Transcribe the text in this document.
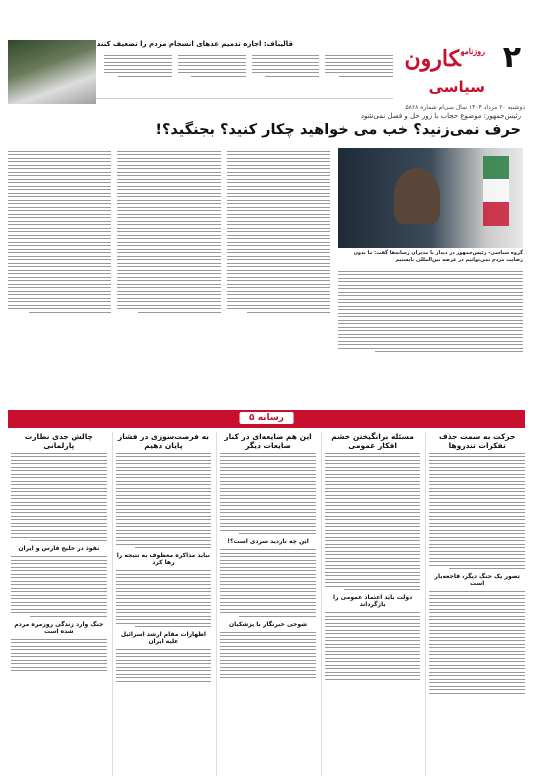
۲
$^{روزنامه}$کارون
سیاسی
دوشنبه ۲۰ مرداد ۱۴۰۴ سال سی‌ام شماره ۵۸۶۸
قالیباف: اجازه تدمیم عدهای انسجام مردم را تضعیف کنند
رئیس‌جمهور: موضوع حجاب با زور حل و فصل نمی‌شود
حرف نمی‌زنید؟ خب می خواهید چکار کنید؟ بجنگید؟!
گروه سیاسی- رئیس‌جمهور در دیدار با مدیران رسانه‌ها گفت: ما بدون رضایت مردم نمی‌توانیم در عرصه بین‌المللی بایستیم
رسانه ۵
حرکت به سمت حذف تفکرات تندروها
تصور یک جنگ دیگر، فاجعه‌بار است
مسئله برانگیختن خشم افکار عمومی
دولت باید اعتماد عمومی را بازگرداند
این هم ضایعه‌ای در کنار ضایعات دیگر
این چه ناردید سردی است؟!
شوخی خبرنگار با پزشکیان
به فرصت‌سوزی در فشار پایان دهیم
نباید مذاکره معطوف به نتیجه را رها کرد
اظهارات مقام ارشد اسرائیل علیه ایران
چالش جدی نظارت پارلمانی
نفوذ در خلیج فارس و ایران
جنگ وارد زندگی روزمره مردم شده است
